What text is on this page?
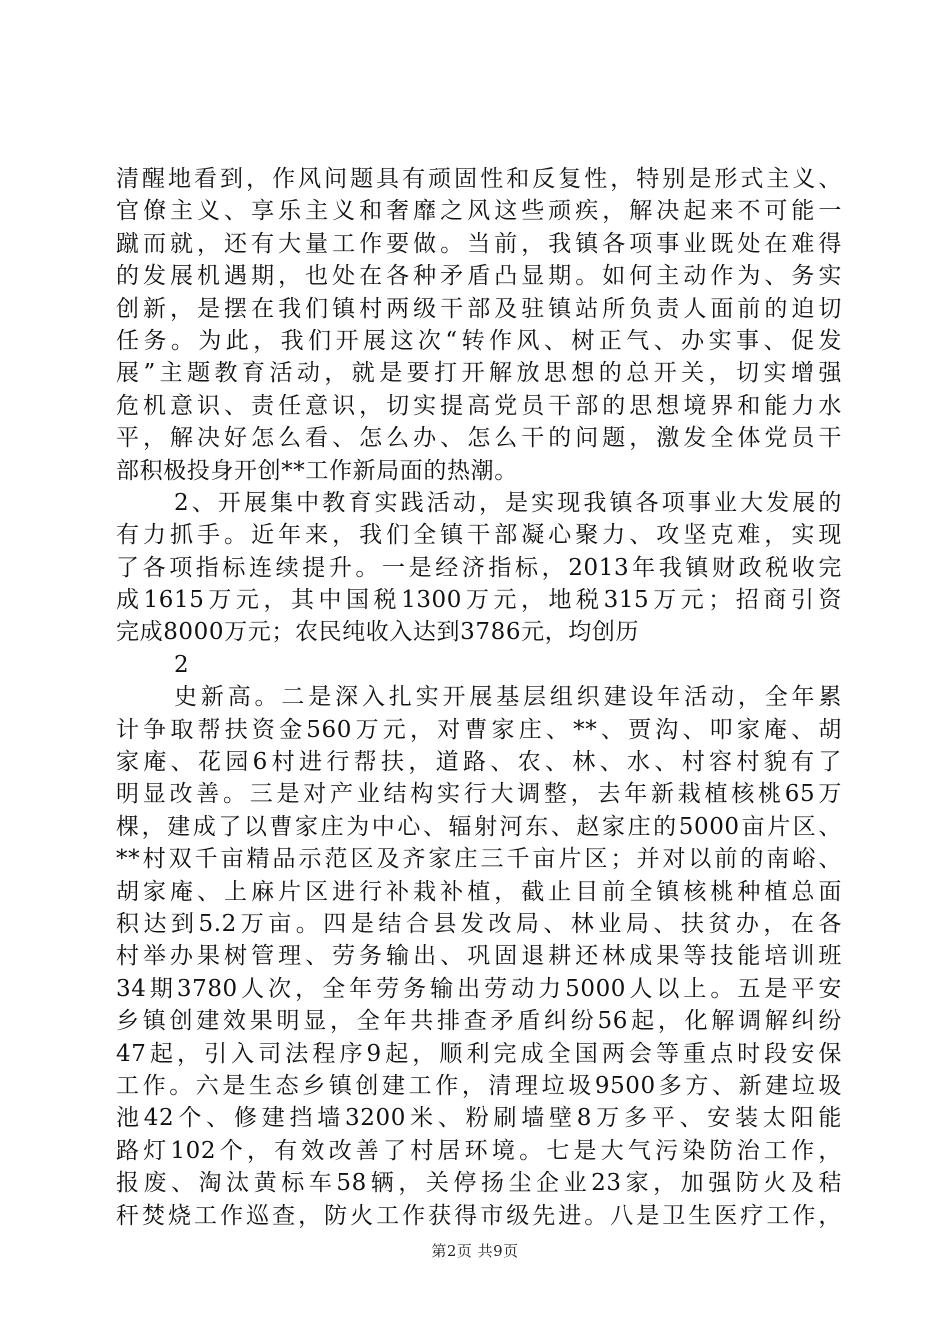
清醒地看到，作风问题具有顽固性和反复性，特别是形式主义、
官僚主义、享乐主义和奢靡之风这些顽疾，解决起来不可能一
蹴而就，还有大量工作要做。当前，我镇各项事业既处在难得
的发展机遇期，也处在各种矛盾凸显期。如何主动作为、务实
创新，是摆在我们镇村两级干部及驻镇站所负责人面前的迫切
任务。为此，我们开展这次“转作风、树正气、办实事、促发
展”主题教育活动，就是要打开解放思想的总开关，切实增强
危机意识、责任意识，切实提高党员干部的思想境界和能力水
平，解决好怎么看、怎么办、怎么干的问题，激发全体党员干
部积极投身开创**工作新局面的热潮。
2、开展集中教育实践活动，是实现我镇各项事业大发展的
有力抓手。近年来，我们全镇干部凝心聚力、攻坚克难，实现
了各项指标连续提升。一是经济指标，2013年我镇财政税收完
成1615万元，其中国税1300万元，地税315万元；招商引资
完成8000万元；农民纯收入达到3786元，均创历
2
史新高。二是深入扎实开展基层组织建设年活动，全年累
计争取帮扶资金560万元，对曹家庄、**、贾沟、叩家庵、胡
家庵、花园6村进行帮扶，道路、农、林、水、村容村貌有了
明显改善。三是对产业结构实行大调整，去年新栽植核桃65万
棵，建成了以曹家庄为中心、辐射河东、赵家庄的5000亩片区、
**村双千亩精品示范区及齐家庄三千亩片区；并对以前的南峪、
胡家庵、上麻片区进行补栽补植，截止目前全镇核桃种植总面
积达到5.2万亩。四是结合县发改局、林业局、扶贫办，在各
村举办果树管理、劳务输出、巩固退耕还林成果等技能培训班
34期3780人次，全年劳务输出劳动力5000人以上。五是平安
乡镇创建效果明显，全年共排查矛盾纠纷56起，化解调解纠纷
47起，引入司法程序9起，顺利完成全国两会等重点时段安保
工作。六是生态乡镇创建工作，清理垃圾9500多方、新建垃圾
池42个、修建挡墙3200米、粉刷墙壁8万多平、安装太阳能
路灯102个，有效改善了村居环境。七是大气污染防治工作，
报废、淘汰黄标车58辆，关停扬尘企业23家，加强防火及秸
秆焚烧工作巡查，防火工作获得市级先进。八是卫生医疗工作，
第2页 共9页
